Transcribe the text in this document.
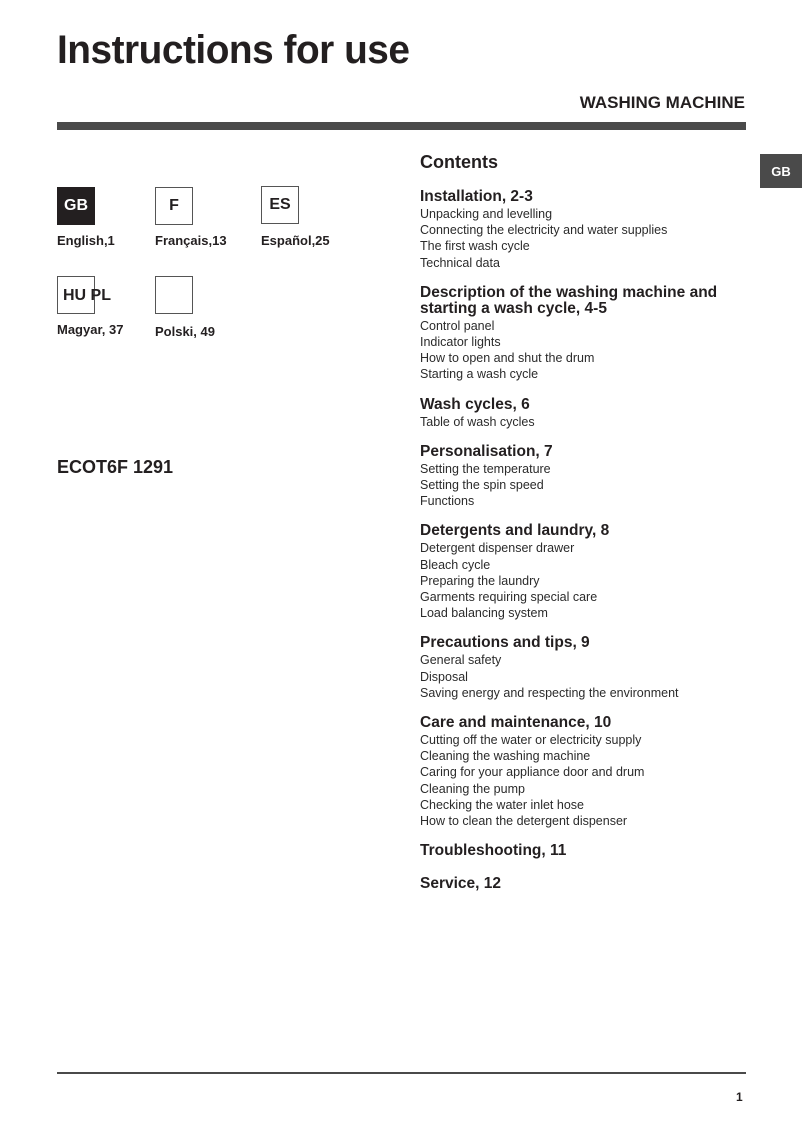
Instructions for use
WASHING MACHINE
GB
GB
English,1
F
Français,13
ES
Español,25
Magyar, 37	Polski, 49
HU PL
ECOT6F 1291
Contents
Installation, 2-3
Unpacking and levelling
Connecting the electricity and water supplies
The first wash cycle
Technical data
Description of the washing machine and starting a wash cycle, 4-5
Control panel
Indicator lights
How to open and shut the drum
Starting a wash cycle
Wash cycles, 6
Table of wash cycles
Personalisation, 7
Setting the temperature
Setting the spin speed
Functions
Detergents and laundry, 8
Detergent dispenser drawer
Bleach cycle
Preparing the laundry
Garments requiring special care
Load balancing system
Precautions and tips, 9
General safety
Disposal
Saving energy and respecting the environment
Care and maintenance, 10
Cutting off the water or electricity supply
Cleaning the washing machine
Caring for your appliance door and drum
Cleaning the pump
Checking the water inlet hose
How to clean the detergent dispenser
Troubleshooting, 11
Service, 12
1
